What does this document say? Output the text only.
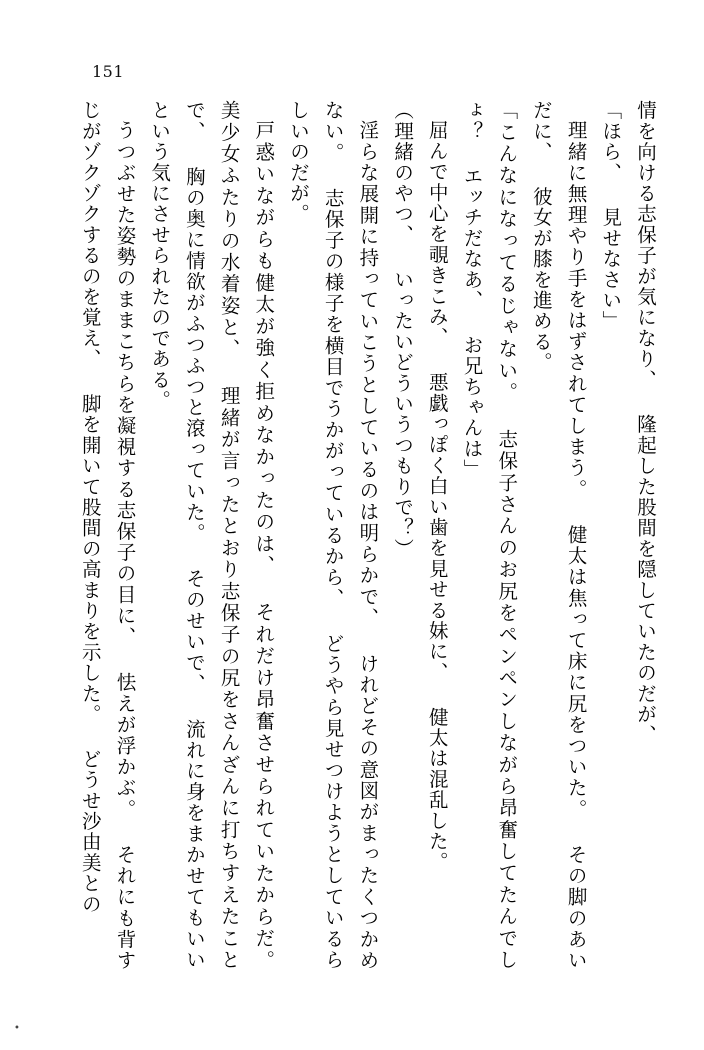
151

情を向ける志保子が気になり、 隆起した股間を隠していたのだが、

「ほら、 見せなさい」

理緒に無理やり手をはずされてしまう。 健太は焦って床に尻をついた。 その脚のあいだに、 彼女が膝を進める。

「こんなになってるじゃない。 志保子さんのお尻をペンペンしながら昂奮してたんでしょ？ エッチだなあ、 お兄ちゃんは」

屈んで中心を覗きこみ、 悪戯っぽく白い歯を見せる妹に、 健太は混乱した。

（理緒のやつ、 いったいどういうつもりで？）

淫らな展開に持っていこうとしているのは明らかで、 けれどその意図がまったくつかめない。 志保子の様子を横目でうかがっているから、 どうやら見せつけようとしているらしいのだが。

戸惑いながらも健太が強く拒めなかったのは、 それだけ昂奮させられていたからだ。 美少女ふたりの水着姿と、 理緒が言ったとおり志保子の尻をさんざんに打ちすえたことで、 胸の奥に情欲がふつふつと滾っていた。 そのせいで、 流れに身をまかせてもいいという気にさせられたのである。

うつぶせた姿勢のままこちらを凝視する志保子の目に、 怯えが浮かぶ。 それにも背すじがゾクゾクするのを覚え、 脚を開いて股間の高まりを示した。 どうせ沙由美との

•
